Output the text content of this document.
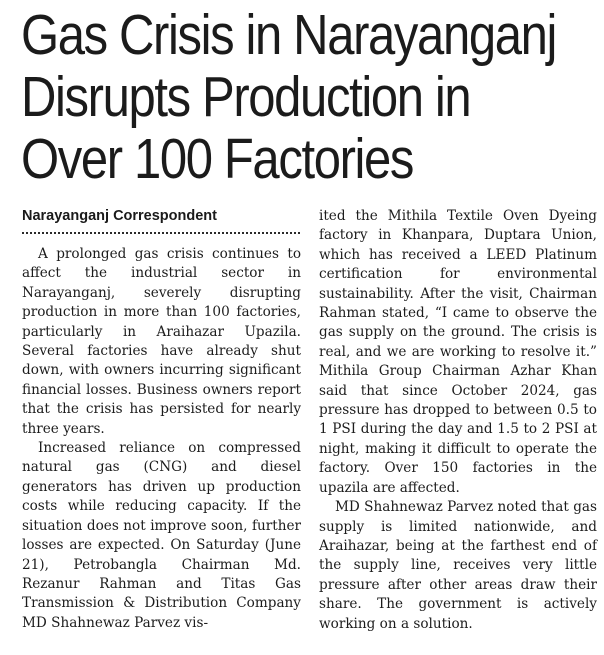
Gas Crisis in Narayanganj
Disrupts Production in
Over 100 Factories
Narayanganj Correspondent

A prolonged gas crisis continues to affect the industrial sector in Narayanganj, severely disrupting production in more than 100 factories, particularly in Araihazar Upazila. Several factories have already shut down, with owners incurring significant financial losses. Business owners report that the crisis has persisted for nearly three years.

Increased reliance on compressed natural gas (CNG) and diesel generators has driven up production costs while reducing capacity. If the situation does not improve soon, further losses are expected. On Saturday (June 21), Petrobangla Chairman Md. Rezanur Rahman and Titas Gas Transmission & Distribution Company MD Shahnewaz Parvez vis-

ited the Mithila Textile Oven Dyeing factory in Khanpara, Duptara Union, which has received a LEED Platinum certification for environmental sustainability. After the visit, Chairman Rahman stated, “I came to observe the gas supply on the ground. The crisis is real, and we are working to resolve it.” Mithila Group Chairman Azhar Khan said that since October 2024, gas pressure has dropped to between 0.5 to 1 PSI during the day and 1.5 to 2 PSI at night, making it difficult to operate the factory. Over 150 factories in the upazila are affected.

MD Shahnewaz Parvez noted that gas supply is limited nationwide, and Araihazar, being at the farthest end of the supply line, receives very little pressure after other areas draw their share. The government is actively working on a solution.
